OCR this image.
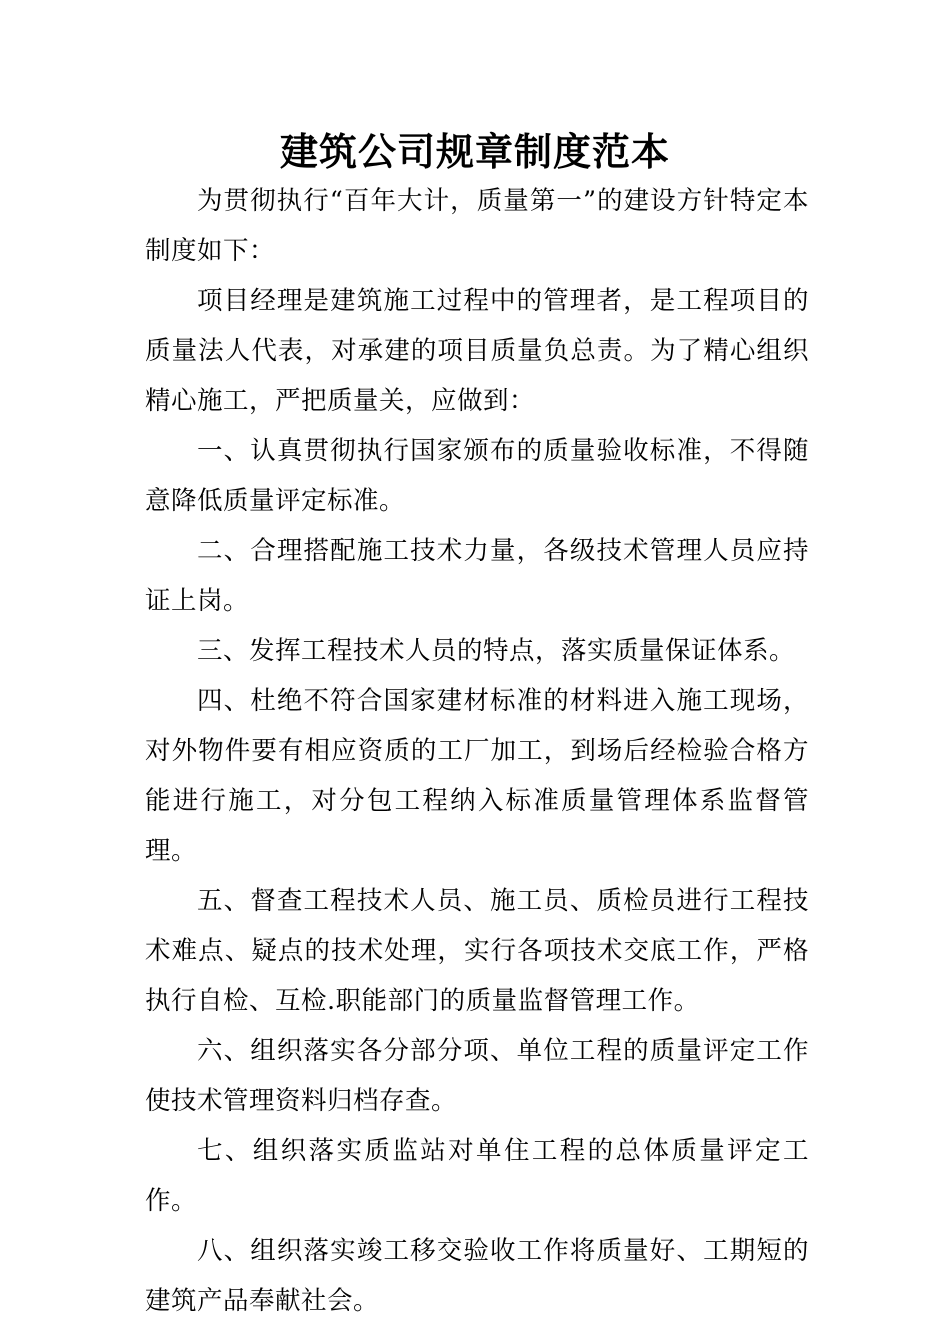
建筑公司规章制度范本

为贯彻执行“百年大计，质量第一”的建设方针特定本制度如下：

项目经理是建筑施工过程中的管理者，是工程项目的质量法人代表，对承建的项目质量负总责。为了精心组织精心施工，严把质量关，应做到：

一、认真贯彻执行国家颁布的质量验收标准，不得随意降低质量评定标准。

二、合理搭配施工技术力量，各级技术管理人员应持证上岗。

三、发挥工程技术人员的特点，落实质量保证体系。

四、杜绝不符合国家建材标准的材料进入施工现场，对外物件要有相应资质的工厂加工，到场后经检验合格方能进行施工，对分包工程纳入标准质量管理体系监督管理。

五、督查工程技术人员、施工员、质检员进行工程技术难点、疑点的技术处理，实行各项技术交底工作，严格执行自检、互检.职能部门的质量监督管理工作。

六、组织落实各分部分项、单位工程的质量评定工作使技术管理资料归档存查。

七、组织落实质监站对单住工程的总体质量评定工作。

八、组织落实竣工移交验收工作将质量好、工期短的建筑产品奉献社会。
